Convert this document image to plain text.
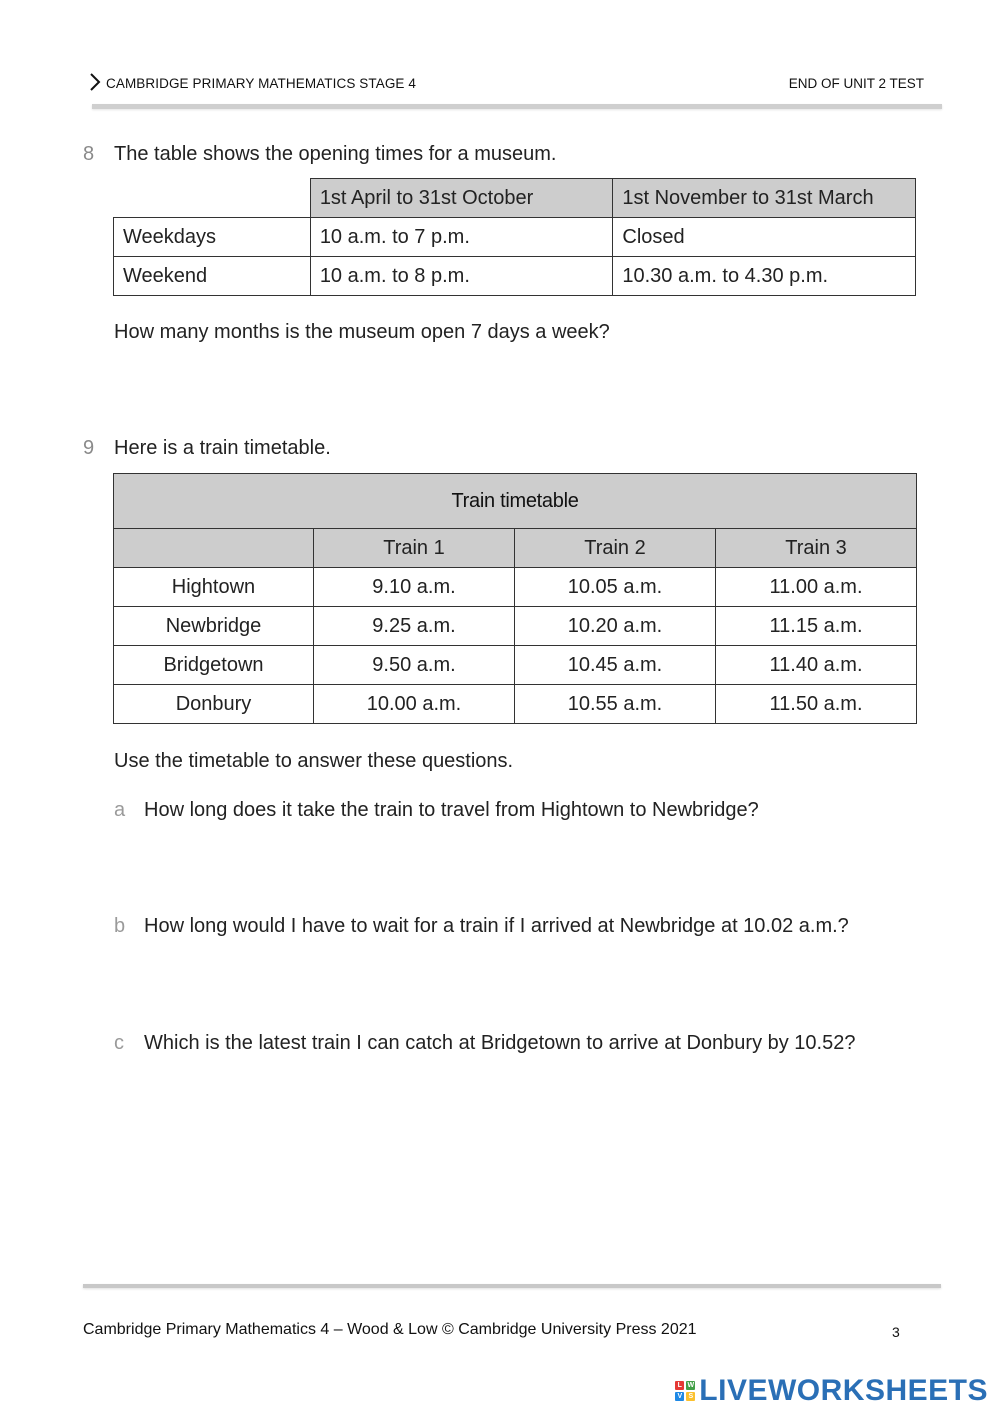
CAMBRIDGE PRIMARY MATHEMATICS STAGE 4	END OF UNIT 2 TEST
8 The table shows the opening times for a museum.
	1st April to 31st October	1st November to 31st March
Weekdays	10 a.m. to 7 p.m.	Closed
Weekend	10 a.m. to 8 p.m.	10.30 a.m. to 4.30 p.m.
How many months is the museum open 7 days a week?
9 Here is a train timetable.
Train timetable			
	Train 1	Train 2	Train 3
Hightown	9.10 a.m.	10.05 a.m.	11.00 a.m.
Newbridge	9.25 a.m.	10.20 a.m.	11.15 a.m.
Bridgetown	9.50 a.m.	10.45 a.m.	11.40 a.m.
Donbury	10.00 a.m.	10.55 a.m.	11.50 a.m.
Use the timetable to answer these questions.
a How long does it take the train to travel from Hightown to Newbridge?
b How long would I have to wait for a train if I arrived at Newbridge at 10.02 a.m.?
c Which is the latest train I can catch at Bridgetown to arrive at Donbury by 10.52?
Cambridge Primary Mathematics 4 – Wood & Low © Cambridge University Press 2021	3
L W
V S LIVEWORKSHEETS
